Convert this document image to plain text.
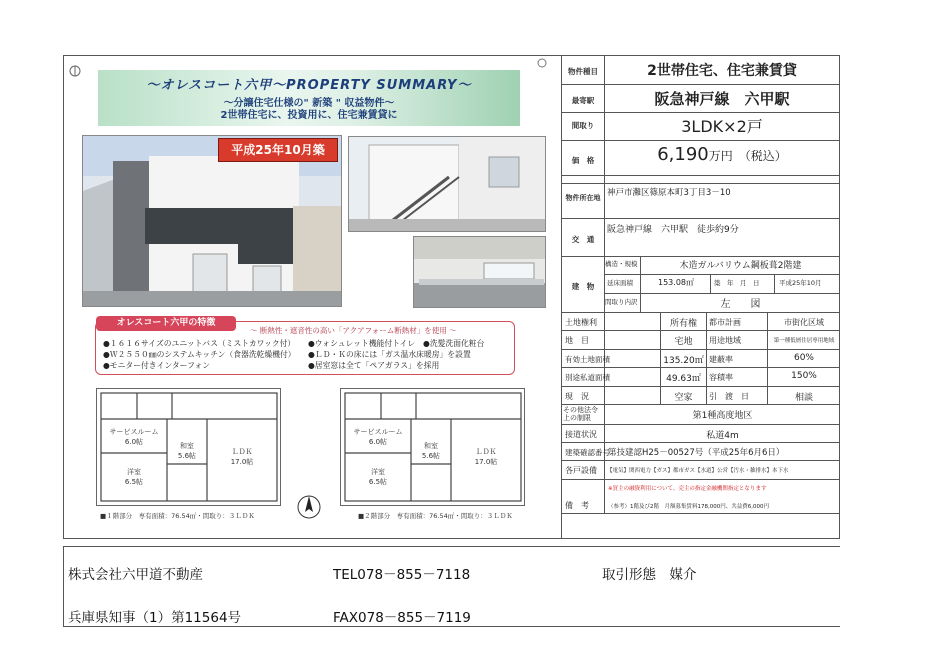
～オレスコート六甲～PROPERTY SUMMARY～
～分譲住宅仕様の" 新築 " 収益物件～
2世帯住宅に、投資用に、住宅兼賃貸に
平成25年10月築
オレスコート六甲の特徴
～ 断熱性・遮音性の高い「アクアフォーム断熱材」を使用 ～
●１６１６サイズのユニットバス（ミストカワック付） ●ウォシュレット機能付トイレ　●洗髪洗面化粧台
●Ｗ２５５０㎜のシステムキッチン（食器洗乾燥機付） ●ＬＤ・Ｋの床には「ガス温水床暖房」を設置
●モニター付きインターフォン	●居室窓は全て「ペアガラス」を採用
サービスルーム
6.0帖	和室
5.6帖	ＬＤＫ
17.0帖
洋室
6.5帖
■１階部分　専有面積：76.54㎡・間取り：３ＬＤＫ
サービスルーム
6.0帖	和室
5.6帖	ＬＤＫ
17.0帖
洋室
6.5帖
■２階部分　専有面積：76.54㎡・間取り：３ＬＤＫ
物件種目	2世帯住宅、住宅兼賃貸
最寄駅	阪急神戸線　六甲駅
間取り	3LDK×2戸
価　格	6,190万円　（税込）
物件所在地 神戸市灘区篠原本町3丁目3－10
交　通
阪急神戸線　六甲駅　徒歩約9分
建　物
構造・規模	木造ガルバリウム鋼板葺2階建
延床面積	153.08㎡	築　年　月　日	平成25年10月
間取り内訳	左　　図
土地権利	所有権	都市計画	市街化区域
地　目	宅地	用途地域	第一種低層住居専用地域
有効土地面積	135.20㎡ 建蔽率	60%
別途私道面積	49.63㎡	容積率	150%
現　況	空家	引　渡　日	相談
その他法令上の制限	第1種高度地区
接道状況	私道4m
建築確認番号
第技建認H25－00527号（平成25年6月6日）
各戸設備 【電気】関西電力【ガス】都市ガス【水道】公営【汚水・雑排水】本下水
備　考
※買主の融資利用について、売主の指定金融機関指定となります
（参考）1階及び2階　月額募集賃料178,000円、共益費6,000円
株式会社六甲道不動産	TEL078－855－7118	取引形態　媒介
兵庫県知事（1）第11564号	FAX078－855－7119
